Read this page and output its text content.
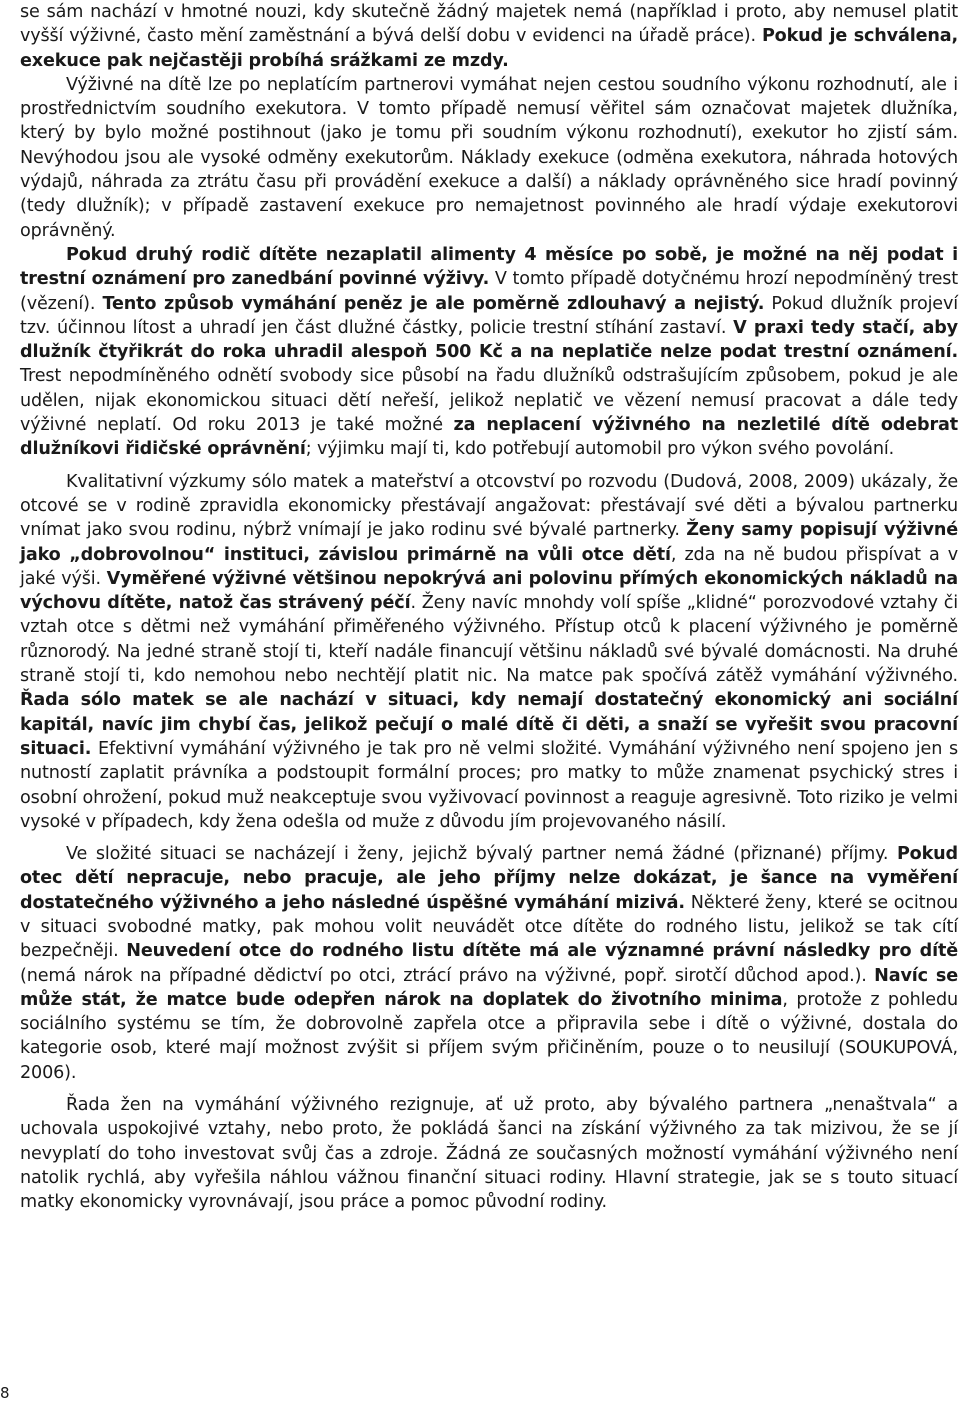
se sám nachází v hmotné nouzi, kdy skutečně žádný majetek nemá (například i proto, aby nemusel platit vyšší výživné, často mění zaměstnání a bývá delší dobu v evidenci na úřadě práce). Pokud je schválena, exekuce pak nejčastěji probíhá srážkami ze mzdy.

Výživné na dítě lze po neplatícím partnerovi vymáhat nejen cestou soudního výkonu rozhodnutí, ale i prostřednictvím soudního exekutora. V tomto případě nemusí věřitel sám označovat majetek dlužníka, který by bylo možné postihnout (jako je tomu při soudním výkonu rozhodnutí), exekutor ho zjistí sám. Nevýhodou jsou ale vysoké odměny exekutorům. Náklady exekuce (odměna exekutora, náhrada hotových výdajů, náhrada za ztrátu času při provádění exekuce a další) a náklady oprávněného sice hradí povinný (tedy dlužník); v případě zastavení exekuce pro nemajetnost povinného ale hradí výdaje exekutorovi oprávněný.

Pokud druhý rodič dítěte nezaplatil alimenty 4 měsíce po sobě, je možné na něj podat i trestní oznámení pro zanedbání povinné výživy. V tomto případě dotyčnému hrozí nepodmíněný trest (vězení). Tento způsob vymáhání peněz je ale poměrně zdlouhavý a nejistý. Pokud dlužník projeví tzv. účinnou lítost a uhradí jen část dlužné částky, policie trestní stíhání zastaví. V praxi tedy stačí, aby dlužník čtyřikrát do roka uhradil alespoň 500 Kč a na neplatiče nelze podat trestní oznámení. Trest nepodmíněného odnětí svobody sice působí na řadu dlužníků odstrašujícím způsobem, pokud je ale udělen, nijak ekonomickou situaci dětí neřeší, jelikož neplatič ve vězení nemusí pracovat a dále tedy výživné neplatí. Od roku 2013 je také možné za neplacení výživného na nezletilé dítě odebrat dlužníkovi řidičské oprávnění; výjimku mají ti, kdo potřebují automobil pro výkon svého povolání.

Kvalitativní výzkumy sólo matek a mateřství a otcovství po rozvodu (Dudová, 2008, 2009) ukázaly, že otcové se v rodině zpravidla ekonomicky přestávají angažovat: přestávají své děti a bývalou partnerku vnímat jako svou rodinu, nýbrž vnímají je jako rodinu své bývalé partnerky. Ženy samy popisují výživné jako „dobrovolnou“ instituci, závislou primárně na vůli otce dětí, zda na ně budou přispívat a v jaké výši. Vyměřené výživné většinou nepokrývá ani polovinu přímých ekonomických nákladů na výchovu dítěte, natož čas strávený péčí. Ženy navíc mnohdy volí spíše „klidné“ porozvodové vztahy či vztah otce s dětmi než vymáhání přiměřeného výživného. Přístup otců k placení výživného je poměrně různorodý. Na jedné straně stojí ti, kteří nadále financují většinu nákladů své bývalé domácnosti. Na druhé straně stojí ti, kdo nemohou nebo nechtějí platit nic. Na matce pak spočívá zátěž vymáhání výživného. Řada sólo matek se ale nachází v situaci, kdy nemají dostatečný ekonomický ani sociální kapitál, navíc jim chybí čas, jelikož pečují o malé dítě či děti, a snaží se vyřešit svou pracovní situaci. Efektivní vymáhání výživného je tak pro ně velmi složité. Vymáhání výživného není spojeno jen s nutností zaplatit právníka a podstoupit formální proces; pro matky to může znamenat psychický stres i osobní ohrožení, pokud muž neakceptuje svou vyživovací povinnost a reaguje agresivně. Toto riziko je velmi vysoké v případech, kdy žena odešla od muže z důvodu jím projevovaného násilí.

Ve složité situaci se nacházejí i ženy, jejichž bývalý partner nemá žádné (přiznané) příjmy. Pokud otec dětí nepracuje, nebo pracuje, ale jeho příjmy nelze dokázat, je šance na vyměření dostatečného výživného a jeho následné úspěšné vymáhání mizivá. Některé ženy, které se ocitnou v situaci svobodné matky, pak mohou volit neuvádět otce dítěte do rodného listu, jelikož se tak cítí bezpečněji. Neuvedení otce do rodného listu dítěte má ale významné právní následky pro dítě (nemá nárok na případné dědictví po otci, ztrácí právo na výživné, popř. sirotčí důchod apod.). Navíc se může stát, že matce bude odepřen nárok na doplatek do životního minima, protože z pohledu sociálního systému se tím, že dobrovolně zapřela otce a připravila sebe i dítě o výživné, dostala do kategorie osob, které mají možnost zvýšit si příjem svým přičiněním, pouze o to neusilují (SOUKUPOVÁ, 2006).

Řada žen na vymáhání výživného rezignuje, ať už proto, aby bývalého partnera „nenaštvala“ a uchovala uspokojivé vztahy, nebo proto, že pokládá šanci na získání výživného za tak mizivou, že se jí nevyplatí do toho investovat svůj čas a zdroje. Žádná ze současných možností vymáhání výživného není natolik rychlá, aby vyřešila náhlou vážnou finanční situaci rodiny. Hlavní strategie, jak se s touto situací matky ekonomicky vyrovnávají, jsou práce a pomoc původní rodiny.

8
